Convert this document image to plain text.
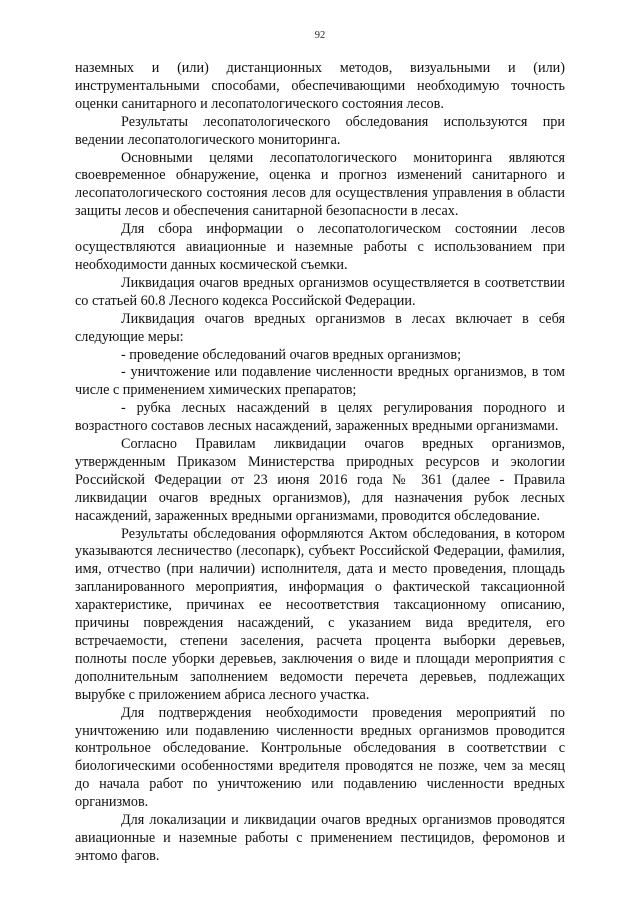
92

наземных и (или) дистанционных методов, визуальными и (или) инструментальными способами, обеспечивающими необходимую точность оценки санитарного и лесопатологического состояния лесов.

Результаты лесопатологического обследования используются при ведении лесопатологического мониторинга.

Основными целями лесопатологического мониторинга являются своевременное обнаружение, оценка и прогноз изменений санитарного и лесопатологического состояния лесов для осуществления управления в области защиты лесов и обеспечения санитарной безопасности в лесах.

Для сбора информации о лесопатологическом состоянии лесов осуществляются авиационные и наземные работы с использованием при необходимости данных космической съемки.

Ликвидация очагов вредных организмов осуществляется в соответствии со статьей 60.8 Лесного кодекса Российской Федерации.

Ликвидация очагов вредных организмов в лесах включает в себя следующие меры:

- проведение обследований очагов вредных организмов;

- уничтожение или подавление численности вредных организмов, в том числе с применением химических препаратов;

- рубка лесных насаждений в целях регулирования породного и возрастного составов лесных насаждений, зараженных вредными организмами.

Согласно Правилам ликвидации очагов вредных организмов, утвержденным Приказом Министерства природных ресурсов и экологии Российской Федерации от 23 июня 2016 года № 361 (далее - Правила ликвидации очагов вредных организмов), для назначения рубок лесных насаждений, зараженных вредными организмами, проводится обследование.

Результаты обследования оформляются Актом обследования, в котором указываются лесничество (лесопарк), субъект Российской Федерации, фамилия, имя, отчество (при наличии) исполнителя, дата и место проведения, площадь запланированного мероприятия, информация о фактической таксационной характеристике, причинах ее несоответствия таксационному описанию, причины повреждения насаждений, с указанием вида вредителя, его встречаемости, степени заселения, расчета процента выборки деревьев, полноты после уборки деревьев, заключения о виде и площади мероприятия с дополнительным заполнением ведомости перечета деревьев, подлежащих вырубке с приложением абриса лесного участка.

Для подтверждения необходимости проведения мероприятий по уничтожению или подавлению численности вредных организмов проводится контрольное обследование. Контрольные обследования в соответствии с биологическими особенностями вредителя проводятся не позже, чем за месяц до начала работ по уничтожению или подавлению численности вредных организмов.

Для локализации и ликвидации очагов вредных организмов проводятся авиационные и наземные работы с применением пестицидов, феромонов и энтомо фагов.
